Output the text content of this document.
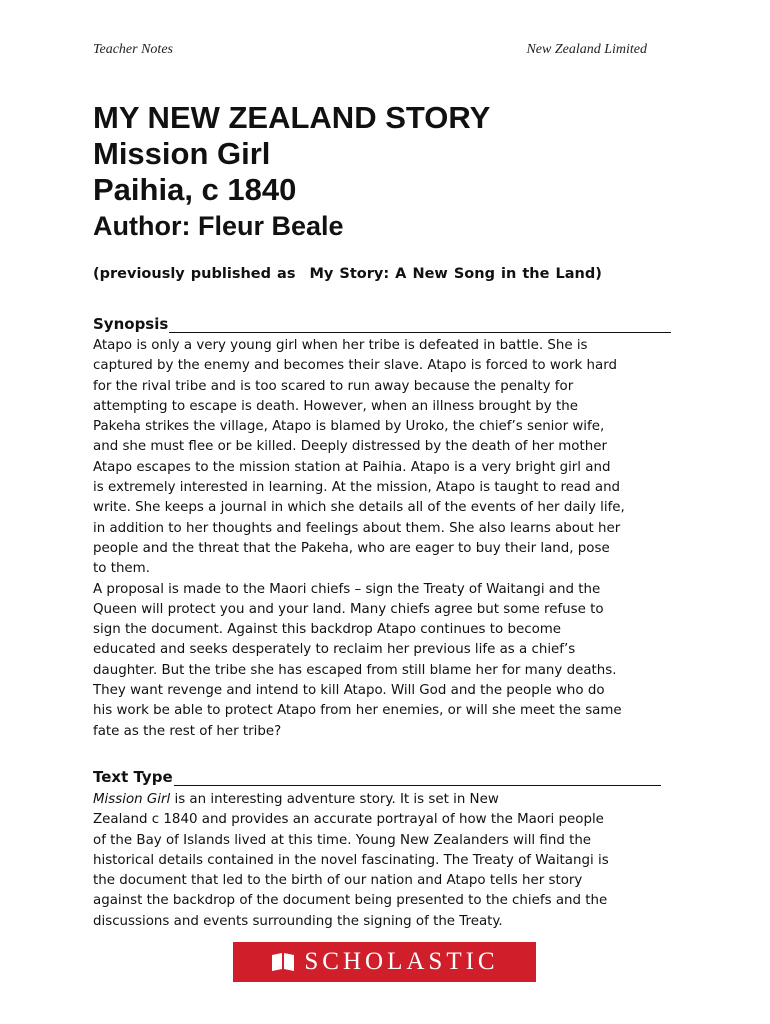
Teacher Notes	New Zealand Limited
MY NEW ZEALAND STORY
Mission Girl
Paihia, c 1840
Author: Fleur Beale
(previously published as My Story: A New Song in the Land)
Synopsis
Atapo is only a very young girl when her tribe is defeated in battle. She is
captured by the enemy and becomes their slave. Atapo is forced to work hard
for the rival tribe and is too scared to run away because the penalty for
attempting to escape is death. However, when an illness brought by the
Pakeha strikes the village, Atapo is blamed by Uroko, the chief’s senior wife,
and she must flee or be killed. Deeply distressed by the death of her mother
Atapo escapes to the mission station at Paihia. Atapo is a very bright girl and
is extremely interested in learning. At the mission, Atapo is taught to read and
write. She keeps a journal in which she details all of the events of her daily life,
in addition to her thoughts and feelings about them. She also learns about her
people and the threat that the Pakeha, who are eager to buy their land, pose
to them.
A proposal is made to the Maori chiefs – sign the Treaty of Waitangi and the
Queen will protect you and your land. Many chiefs agree but some refuse to
sign the document. Against this backdrop Atapo continues to become
educated and seeks desperately to reclaim her previous life as a chief’s
daughter. But the tribe she has escaped from still blame her for many deaths.
They want revenge and intend to kill Atapo. Will God and the people who do
his work be able to protect Atapo from her enemies, or will she meet the same
fate as the rest of her tribe?
Text Type
Mission Girl is an interesting adventure story. It is set in New
Zealand c 1840 and provides an accurate portrayal of how the Maori people
of the Bay of Islands lived at this time. Young New Zealanders will find the
historical details contained in the novel fascinating. The Treaty of Waitangi is
the document that led to the birth of our nation and Atapo tells her story
against the backdrop of the document being presented to the chiefs and the
discussions and events surrounding the signing of the Treaty.
SCHOLASTIC
